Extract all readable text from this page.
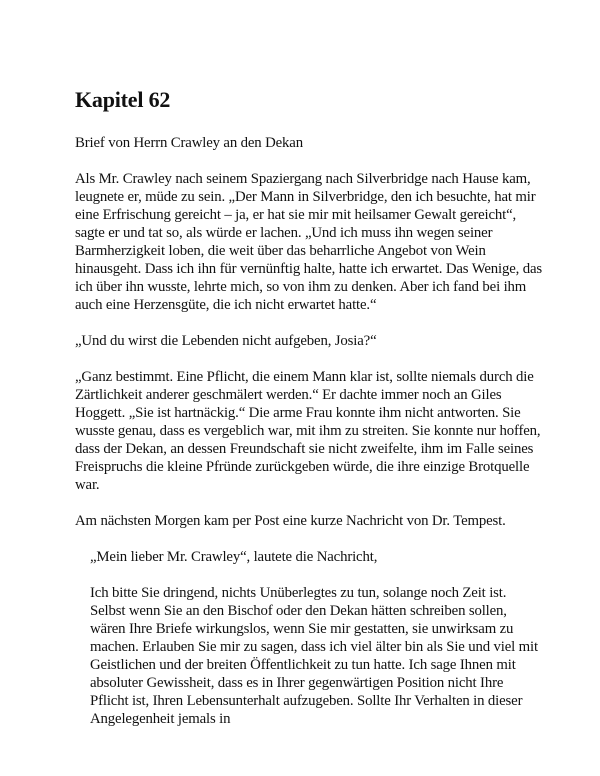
Kapitel 62

Brief von Herrn Crawley an den Dekan

Als Mr. Crawley nach seinem Spaziergang nach Silverbridge nach Hause kam, leugnete er, müde zu sein. „Der Mann in Silverbridge, den ich besuchte, hat mir eine Erfrischung gereicht – ja, er hat sie mir mit heilsamer Gewalt gereicht“, sagte er und tat so, als würde er lachen. „Und ich muss ihn wegen seiner Barmherzigkeit loben, die weit über das beharrliche Angebot von Wein hinausgeht. Dass ich ihn für vernünftig halte, hatte ich erwartet. Das Wenige, das ich über ihn wusste, lehrte mich, so von ihm zu denken. Aber ich fand bei ihm auch eine Herzensgüte, die ich nicht erwartet hatte.“

„Und du wirst die Lebenden nicht aufgeben, Josia?“

„Ganz bestimmt. Eine Pflicht, die einem Mann klar ist, sollte niemals durch die Zärtlichkeit anderer geschmälert werden.“ Er dachte immer noch an Giles Hoggett. „Sie ist hartnäckig.“ Die arme Frau konnte ihm nicht antworten. Sie wusste genau, dass es vergeblich war, mit ihm zu streiten. Sie konnte nur hoffen, dass der Dekan, an dessen Freundschaft sie nicht zweifelte, ihm im Falle seines Freispruchs die kleine Pfründe zurückgeben würde, die ihre einzige Brotquelle war.

Am nächsten Morgen kam per Post eine kurze Nachricht von Dr. Tempest.

„Mein lieber Mr. Crawley“, lautete die Nachricht,

Ich bitte Sie dringend, nichts Unüberlegtes zu tun, solange noch Zeit ist. Selbst wenn Sie an den Bischof oder den Dekan hätten schreiben sollen, wären Ihre Briefe wirkungslos, wenn Sie mir gestatten, sie unwirksam zu machen. Erlauben Sie mir zu sagen, dass ich viel älter bin als Sie und viel mit Geistlichen und der breiten Öffentlichkeit zu tun hatte. Ich sage Ihnen mit absoluter Gewissheit, dass es in Ihrer gegenwärtigen Position nicht Ihre Pflicht ist, Ihren Lebensunterhalt aufzugeben. Sollte Ihr Verhalten in dieser Angelegenheit jemals in
